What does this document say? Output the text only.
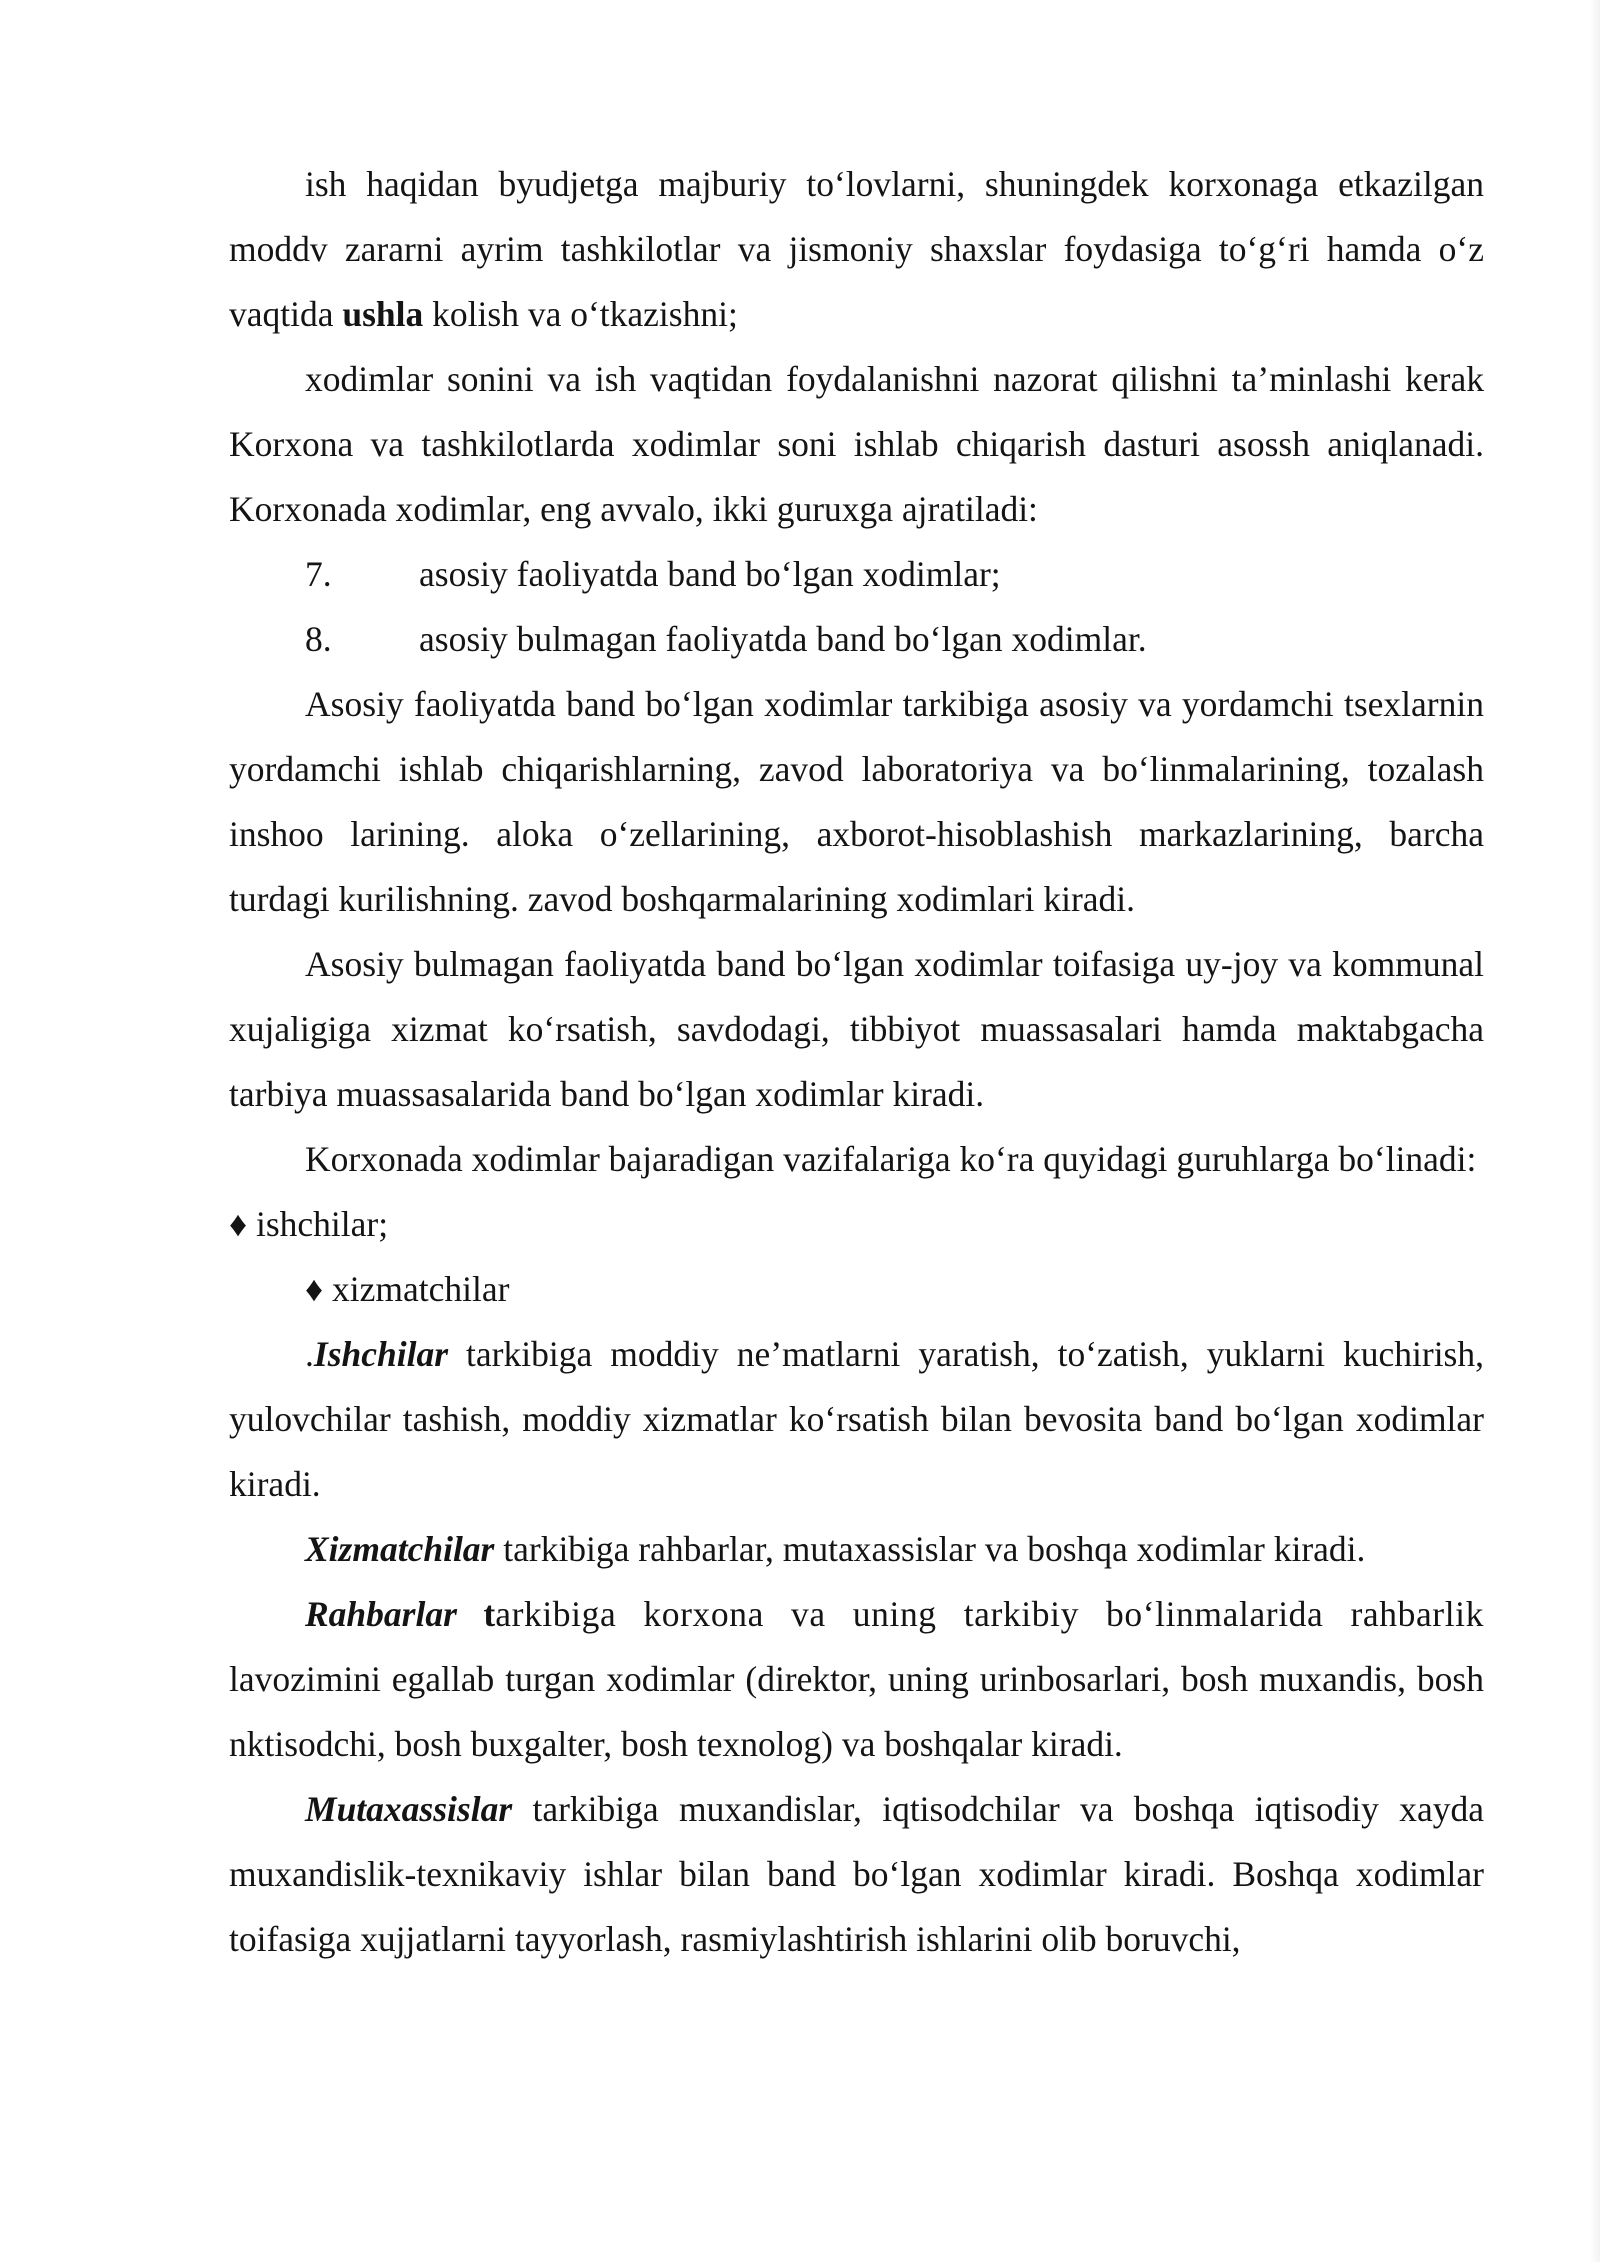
ish haqidan byudjetga majburiy to‘lovlarni, shuningdek korxonaga etkazilgan moddv zararni ayrim tashkilotlar va jismoniy shaxslar foydasiga to‘g‘ri hamda o‘z vaqtida ushla kolish va o‘tkazishni;

xodimlar sonini va ish vaqtidan foydalanishni nazorat qilishni ta’minlashi kerak Korxona va tashkilotlarda xodimlar soni ishlab chiqarish dasturi asossh aniqlanadi. Korxonada xodimlar, eng avvalo, ikki guruxga ajratiladi:

7. asosiy faoliyatda band bo‘lgan xodimlar;

8. asosiy bulmagan faoliyatda band bo‘lgan xodimlar.

Asosiy faoliyatda band bo‘lgan xodimlar tarkibiga asosiy va yordamchi tsexlarnin yordamchi ishlab chiqarishlarning, zavod laboratoriya va bo‘linmalarining, tozalash inshoo larining. aloka o‘zellarining, axborot-hisoblashish markazlarining, barcha turdagi kurilishning. zavod boshqarmalarining xodimlari kiradi.

Asosiy bulmagan faoliyatda band bo‘lgan xodimlar toifasiga uy-joy va kommunal xujaligiga xizmat ko‘rsatish, savdodagi, tibbiyot muassasalari hamda maktabgacha tarbiya muassasalarida band bo‘lgan xodimlar kiradi.

Korxonada xodimlar bajaradigan vazifalariga ko‘ra quyidagi guruhlarga bo‘linadi:

♦ ishchilar;

♦ xizmatchilar

.Ishchilar tarkibiga moddiy ne’matlarni yaratish, to‘zatish, yuklarni kuchirish, yulovchilar tashish, moddiy xizmatlar ko‘rsatish bilan bevosita band bo‘lgan xodimlar kiradi.

Xizmatchilar tarkibiga rahbarlar, mutaxassislar va boshqa xodimlar kiradi.

Rahbarlar tarkibiga korxona va uning tarkibiy bo‘linmalarida rahbarlik lavozimini egallab turgan xodimlar (direktor, uning urinbosarlari, bosh muxandis, bosh nktisodchi, bosh buxgalter, bosh texnolog) va boshqalar kiradi.

Mutaxassislar tarkibiga muxandislar, iqtisodchilar va boshqa iqtisodiy xayda muxandislik-texnikaviy ishlar bilan band bo‘lgan xodimlar kiradi. Boshqa xodimlar toifasiga xujjatlarni tayyorlash, rasmiylashtirish ishlarini olib boruvchi,
